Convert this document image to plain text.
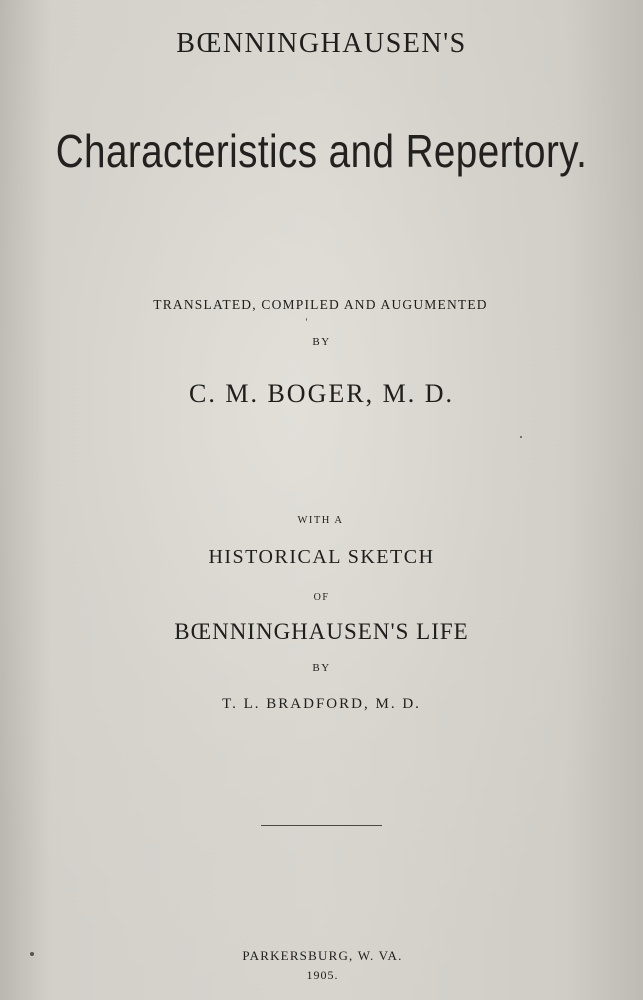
BŒNNINGHAUSEN'S

Characteristics and Repertory.

TRANSLATED, COMPILED AND AUGUMENTED

BY

C. M. BOGER, M. D.

WITH A

HISTORICAL SKETCH

OF

BŒNNINGHAUSEN'S LIFE

BY

T. L. BRADFORD, M. D.

PARKERSBURG, W. VA.

1905.
